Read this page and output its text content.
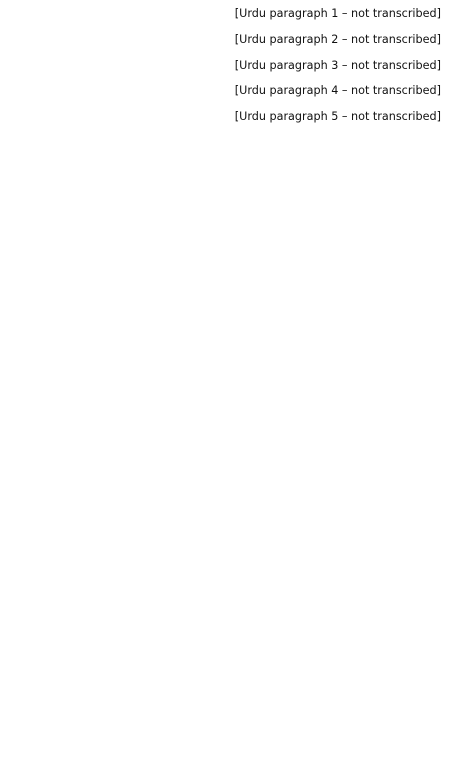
[Urdu paragraph 1 – not transcribed]

[Urdu paragraph 2 – not transcribed]

[Urdu paragraph 3 – not transcribed]

[Urdu paragraph 4 – not transcribed]

[Urdu paragraph 5 – not transcribed]
